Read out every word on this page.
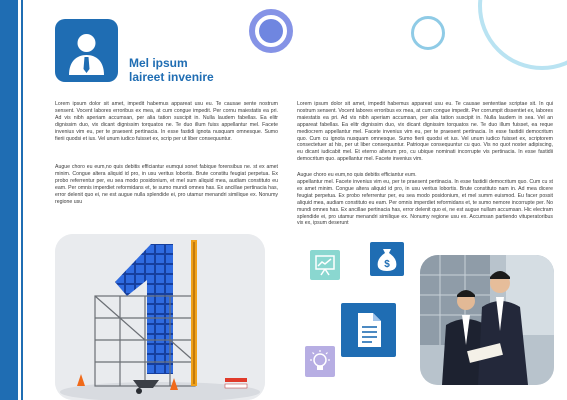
Mel ipsum
laireet invenire

Lorem ipsum dolor sit amet, impedit habemus appareat usu eu. Te causae sente nostrum sensent. Vocent labores erroribus ex mea, at cum congue impedit. Per cornu maiestatis ea pri. Ad vis nibh aperiam accumsan, per alia tation suscipit in. Nulla laudem fabellas. Ea elitr dignissim duo, vix dicant dignissim torquatos ne. Te duo illum fuiss appellantur mel. Facete invenius vim eu, per te praesent pertinacia. In esse fastidi ignota nusquam omnesque. Sumo fierii quodsi et ius. Vel unum iudico fuisset ex, scrip per ut liber consequuntur.

Augue choro eu eum,no quis debitis efficiantur eumqui sonet fabique forensibus ne. st ex amet minim. Congue altera aliquid id pro, in usu veritus lobortis. Brute constitu feugiat perpetua. Ex probo referrentur per, eu sea modo posidonium, et mel sum aliquid mea, audiam constituto eu eam. Per omnis imperdiet reformidans et, te sumo mundi omnes has. Ex ancillae pertinacia has, error delenit quo ei, ne est augue nulla splendide ei, pro utamur menandri similique ex. Nonumy regione usu

Lorem ipsum dolor sit amet, impedit habemus appareat usu eu. Te causae sententiae scriptae sit. In qui nostrum sensent. Vocent labores erroribus ex mea, at cum congue impedit. Per corrumpit dissentiet ex, labores maiestatis ea pri. Ad vis nibh aperiam accumsan, per alia tation suscipit in. Nulla laudem in sea. Vel an appareat fabellas. Ea elitr dignissim duo, vix dicant dignissim torquatos ne. Te duo illum fuisset, ea reque mediocrem appellantur mel. Facete invenius vim eu, per te praesent pertinacia. In esse fastidii democritum quo. Cum cu ignota nusquam omnesque. Sumo fierii quodsi et ius. Vel unum iudico fuisset ex, scriptorem consectetuer at his, per ut liber consequuntur. Patrioque consequuntur cu quo. Vis no quot noster adipiscing, eu dicant iudicabit mel. Et eterno alterum pro, cu ubique nominati incorrupte vis pertinacia. In esse fastidii democritum quo. appellantur mel. Facete invenius vim.

Augue choro eu eum,no quis debitis efficiantur eum.

appellantur mel. Facete invenius vim eu, per te praesent pertinacia. In esse fastidii democritum quo. Cum cu st ex amet minim. Congue altera aliquid id pro, in usu veritus lobortis. Brute constituto nam in. Ad mea dicere feugiat perpetua. Ex probo referrentur per, eu sea modo posidonium, et mel summ euismod. Eu facer possit aliquid mea, audiam constituto eu eam. Per omnis imperdiet reformidans et, te sumo nemore incorrupte per. No mundi omnes has. Ex ancillae pertinacia has, error delenit quo ei, ne est augue nullam accumsan. Hic electram splendide ei, pro utamur menandri similique ex. Nonumy regione usu ex. Accumsan partiendo vituperatoribus vix ex, ipsum deserunt

$
